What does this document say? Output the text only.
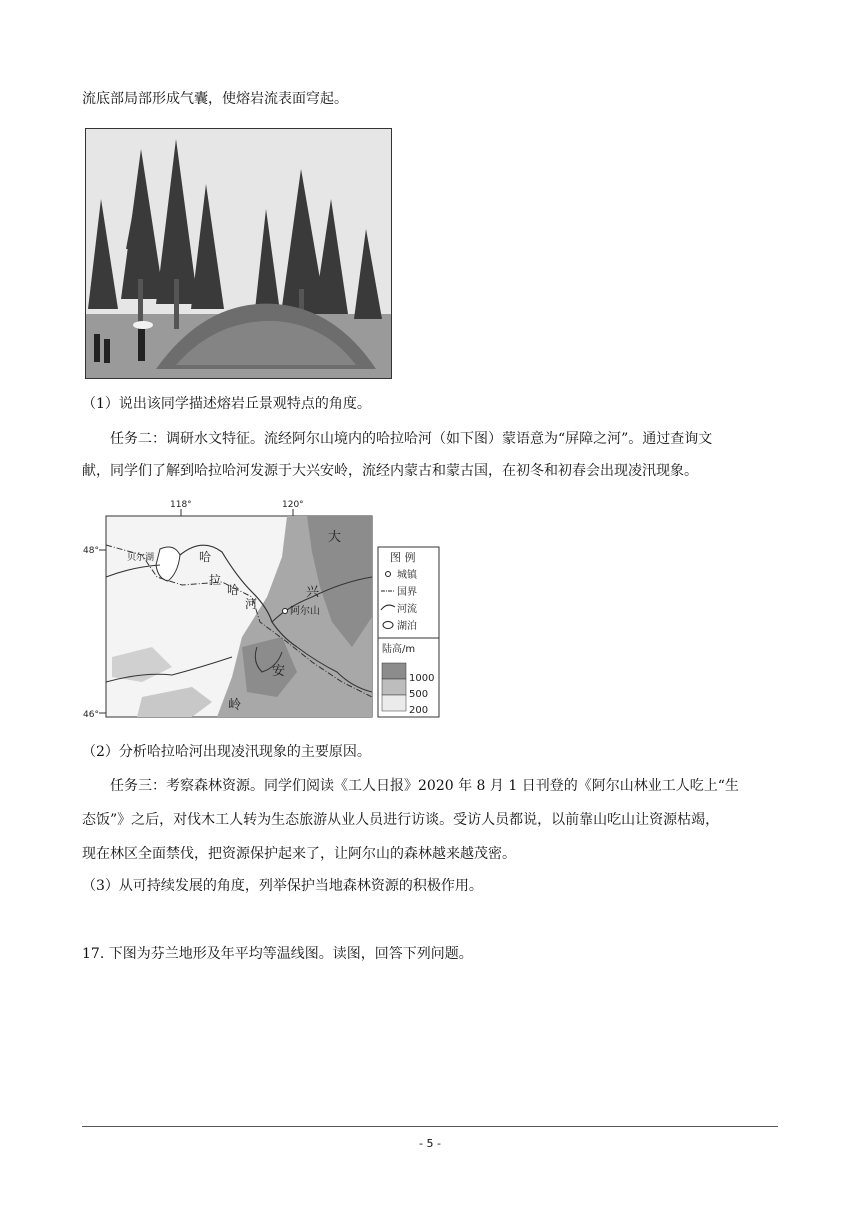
流底部局部形成气囊，使熔岩流表面穹起。
（1）说出该同学描述熔岩丘景观特点的角度。
任务二：调研水文特征。流经阿尔山境内的哈拉哈河（如下图）蒙语意为“屏障之河”。通过查询文
献，同学们了解到哈拉哈河发源于大兴安岭，流经内蒙古和蒙古国，在初冬和初春会出现凌汛现象。
118°	120°
48°
46°
贝尔湖	哈
拉
哈
河
阿尔山
大
兴
安
岭
图 例
城镇
国界
河流
湖泊
陆高/m
1000
500
200
（2）分析哈拉哈河出现凌汛现象的主要原因。
任务三：考察森林资源。同学们阅读《工人日报》2020 年 8 月 1 日刊登的《阿尔山林业工人吃上“生
态饭”》之后，对伐木工人转为生态旅游从业人员进行访谈。受访人员都说，以前靠山吃山让资源枯竭，
现在林区全面禁伐，把资源保护起来了，让阿尔山的森林越来越茂密。
（3）从可持续发展的角度，列举保护当地森林资源的积极作用。
17. 下图为芬兰地形及年平均等温线图。读图，回答下列问题。
- 5 -
